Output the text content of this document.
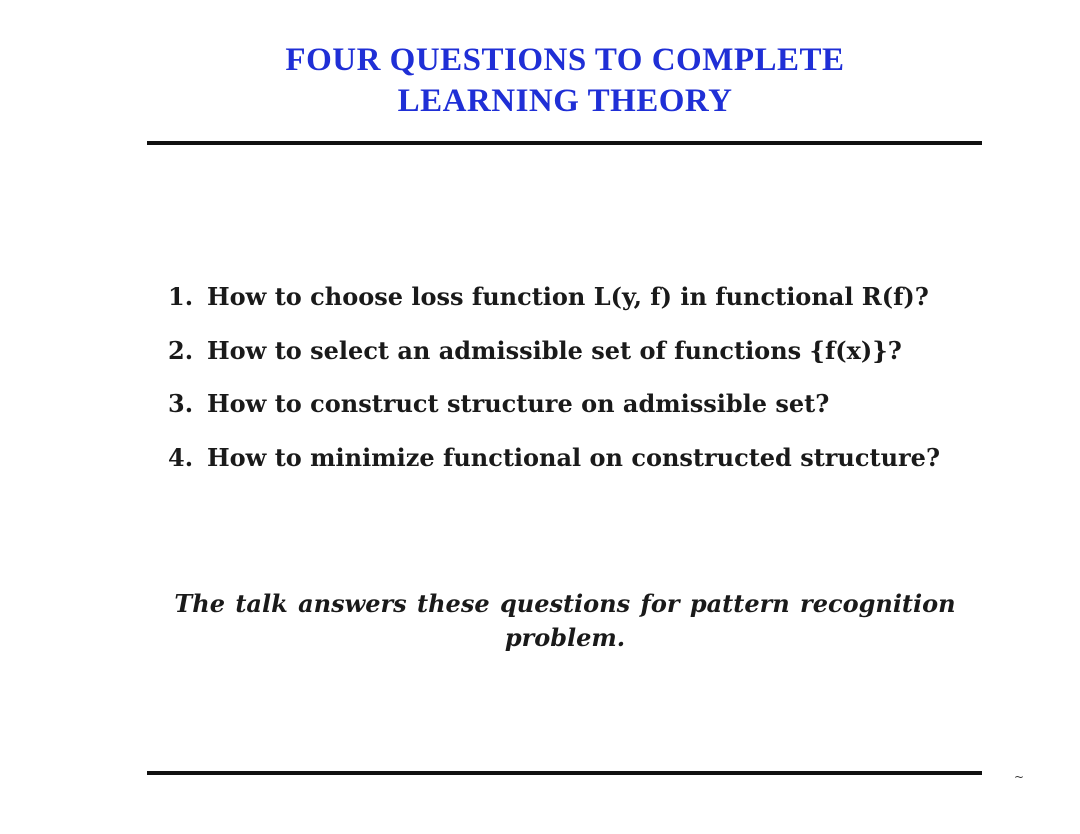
FOUR QUESTIONS TO COMPLETE
LEARNING THEORY
1. How to choose loss function L(y, f) in functional R(f)?
2. How to select an admissible set of functions {f(x)}?
3. How to construct structure on admissible set?
4. How to minimize functional on constructed structure?
The talk answers these questions for pattern recognition
problem.
~
